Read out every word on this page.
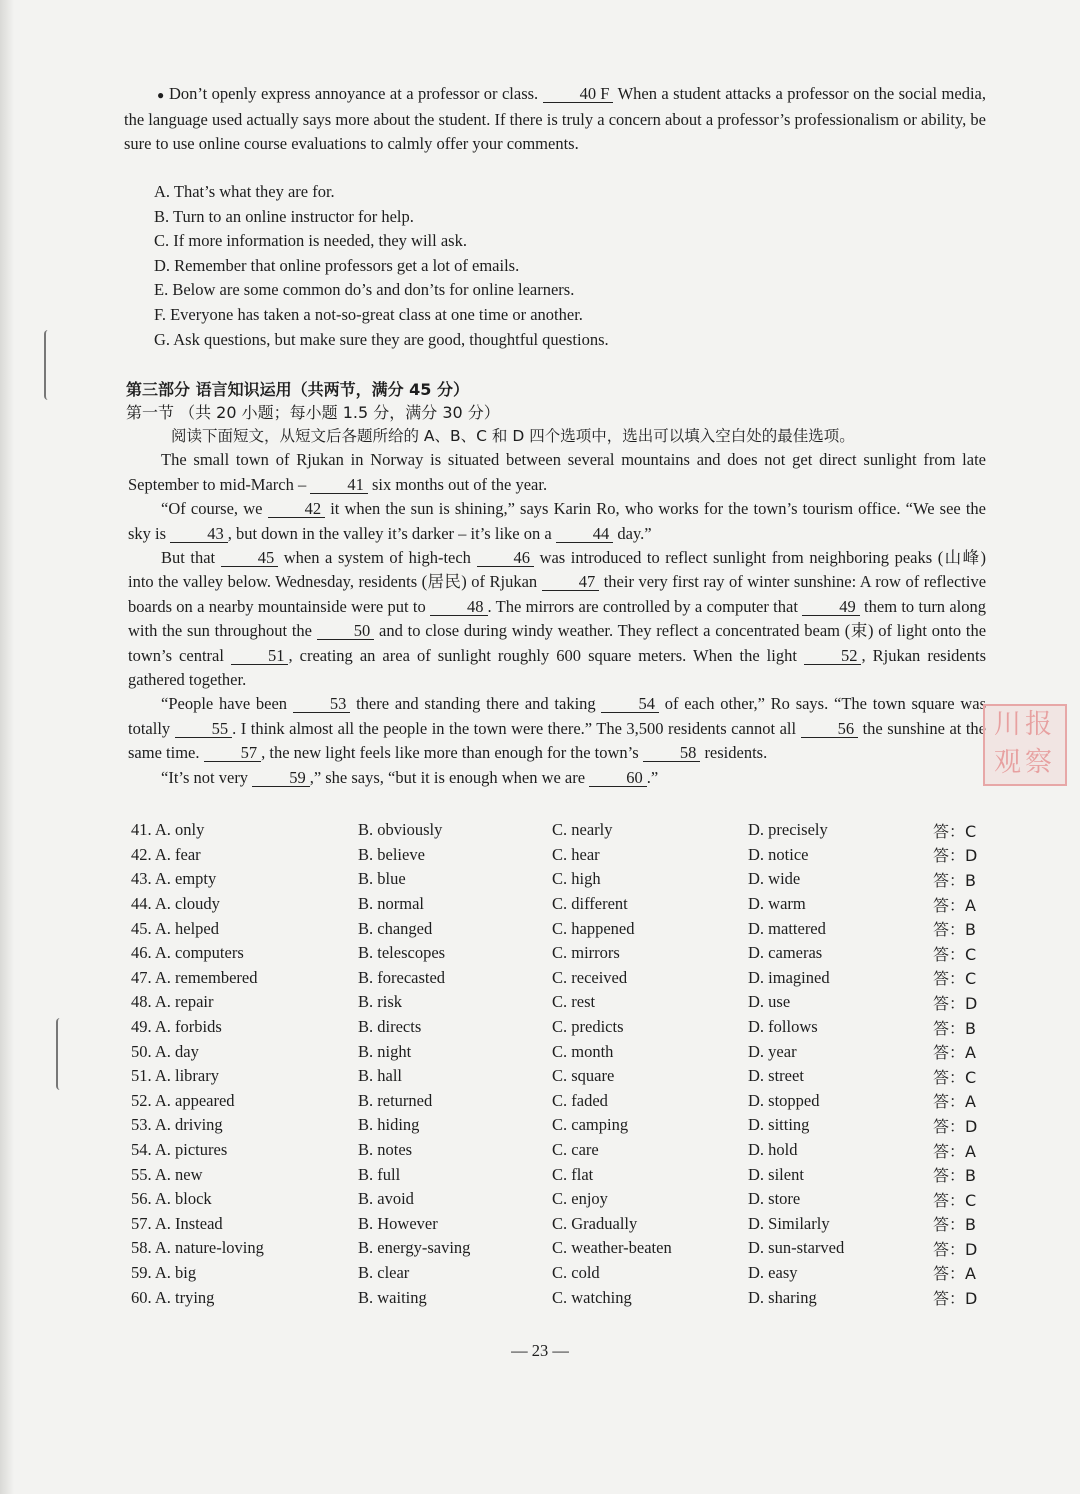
● Don’t openly express annoyance at a professor or class.	40 F When a student attacks a professor on the social media, the language used actually says more about the student. If there is truly a concern about a professor’s professionalism or ability, be sure to use online course evaluations to calmly offer your comments.

A. That’s what they are for.
B. Turn to an online instructor for help.
C. If more information is needed, they will ask.
D. Remember that online professors get a lot of emails.
E. Below are some common do’s and don’ts for online learners.
F. Everyone has taken a not-so-great class at one time or another.
G. Ask questions, but make sure they are good, thoughtful questions.
第三部分 语言知识运用（共两节，满分 45 分）
第一节 （共 20 小题；每小题 1.5 分，满分 30 分）

阅读下面短文，从短文后各题所给的 A、B、C 和 D 四个选项中，选出可以填入空白处的最佳选项。

The small town of Rjukan in Norway is situated between several mountains and does not get direct sunlight from late September to mid-March – 41 six months out of the year.

“Of course, we	42 it when the sun is shining,” says Karin Ro, who works for the town’s tourism office. “We see the sky is 43 , but down in the valley it’s darker – it’s like on a 44 day.”

But that	45 when a system of high-tech	46 was introduced to reflect sunlight from neighboring peaks (山峰) into the valley below. Wednesday, residents (居民) of Rjukan	47 their very first ray of winter sunshine: A row of reflective boards on a nearby mountainside were put to	48 . The mirrors are controlled by a computer that	49 them to turn along with the sun throughout the	50 and to close during windy weather. They reflect a concentrated beam (束) of light onto the town’s central	51 , creating an area of sunlight roughly 600 square meters. When the light	52 , Rjukan residents gathered together.

“People have been	53 there and standing there and taking	54 of each other,” Ro says. “The town square was totally	55 . I think almost all the people in the town were there.” The 3,500 residents cannot all	56 the sunshine at the same time. 57 , the new light feels like more than enough for the town’s 58 residents.

“It’s not very 59 ,” she says, “but it is enough when we are 60 .”

41. A. only	B. obviously	C. nearly	D. precisely	答：C
42. A. fear	B. believe	C. hear	D. notice	答：D
43. A. empty	B. blue	C. high	D. wide	答：B
44. A. cloudy	B. normal	C. different	D. warm	答：A
45. A. helped	B. changed	C. happened	D. mattered	答：B
46. A. computers	B. telescopes	C. mirrors	D. cameras	答：C
47. A. remembered	B. forecasted	C. received	D. imagined	答：C
48. A. repair	B. risk	C. rest	D. use	答：D
49. A. forbids	B. directs	C. predicts	D. follows	答：B
50. A. day	B. night	C. month	D. year	答：A
51. A. library	B. hall	C. square	D. street	答：C
52. A. appeared	B. returned	C. faded	D. stopped	答：A
53. A. driving	B. hiding	C. camping	D. sitting	答：D
54. A. pictures	B. notes	C. care	D. hold	答：A
55. A. new	B. full	C. flat	D. silent	答：B
56. A. block	B. avoid	C. enjoy	D. store	答：C
57. A. Instead	B. However	C. Gradually	D. Similarly	答：B
58. A. nature-loving	B. energy-saving	C. weather-beaten	D. sun-starved	答：D
59. A. big	B. clear	C. cold	D. easy	答：A
60. A. trying	B. waiting	C. watching	D. sharing	答：D
— 23 —
川报观察
